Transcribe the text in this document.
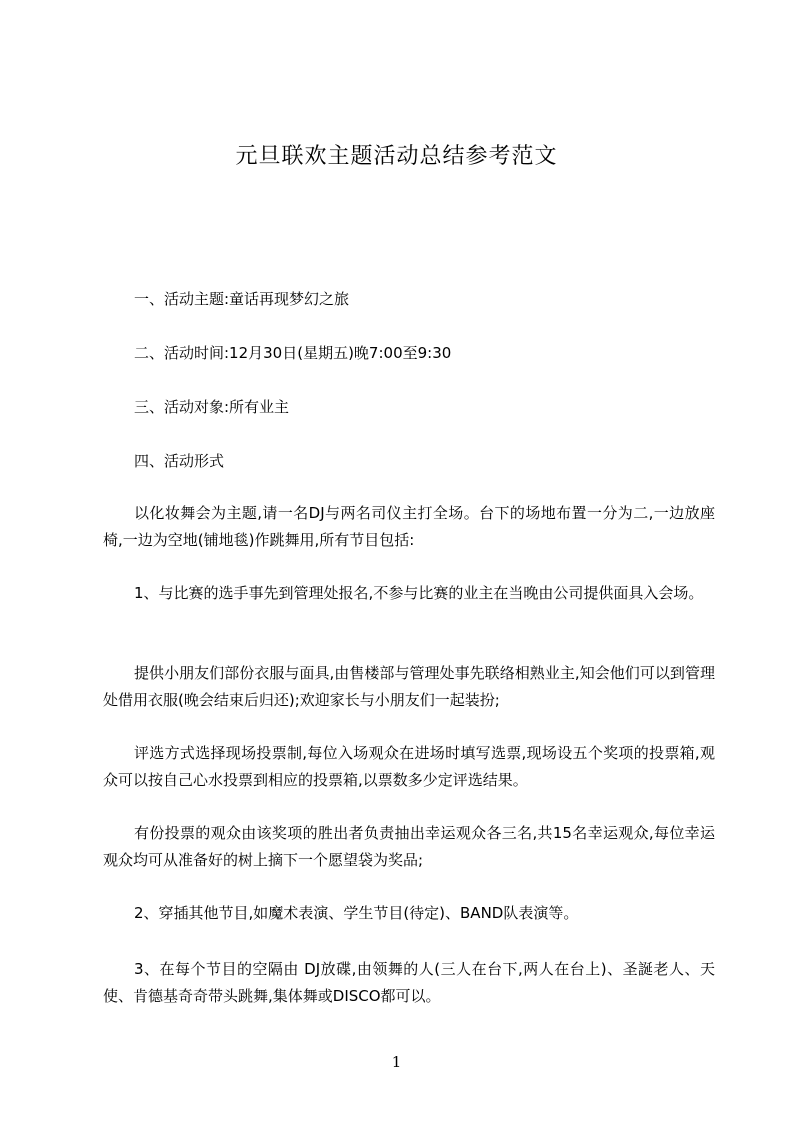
元旦联欢主题活动总结参考范文

一、活动主题:童话再现梦幻之旅

二、活动时间:12月30日(星期五)晚7:00至9:30

三、活动对象:所有业主

四、活动形式

以化妆舞会为主题,请一名DJ与两名司仪主打全场。台下的场地布置一分为二,一边放座椅,一边为空地(铺地毯)作跳舞用,所有节目包括:

1、与比赛的选手事先到管理处报名,不参与比赛的业主在当晚由公司提供面具入会场。

提供小朋友们部份衣服与面具,由售楼部与管理处事先联络相熟业主,知会他们可以到管理处借用衣服(晚会结束后归还);欢迎家长与小朋友们一起装扮;

评选方式选择现场投票制,每位入场观众在进场时填写选票,现场设五个奖项的投票箱,观众可以按自己心水投票到相应的投票箱,以票数多少定评选结果。

有份投票的观众由该奖项的胜出者负责抽出幸运观众各三名,共15名幸运观众,每位幸运观众均可从准备好的树上摘下一个愿望袋为奖品;

2、穿插其他节目,如魔术表演、学生节目(待定)、BAND队表演等。

3、在每个节目的空隔由 DJ放碟,由领舞的人(三人在台下,两人在台上)、圣誕老人、天使、肯德基奇奇带头跳舞,集体舞或DISCO都可以。

1
